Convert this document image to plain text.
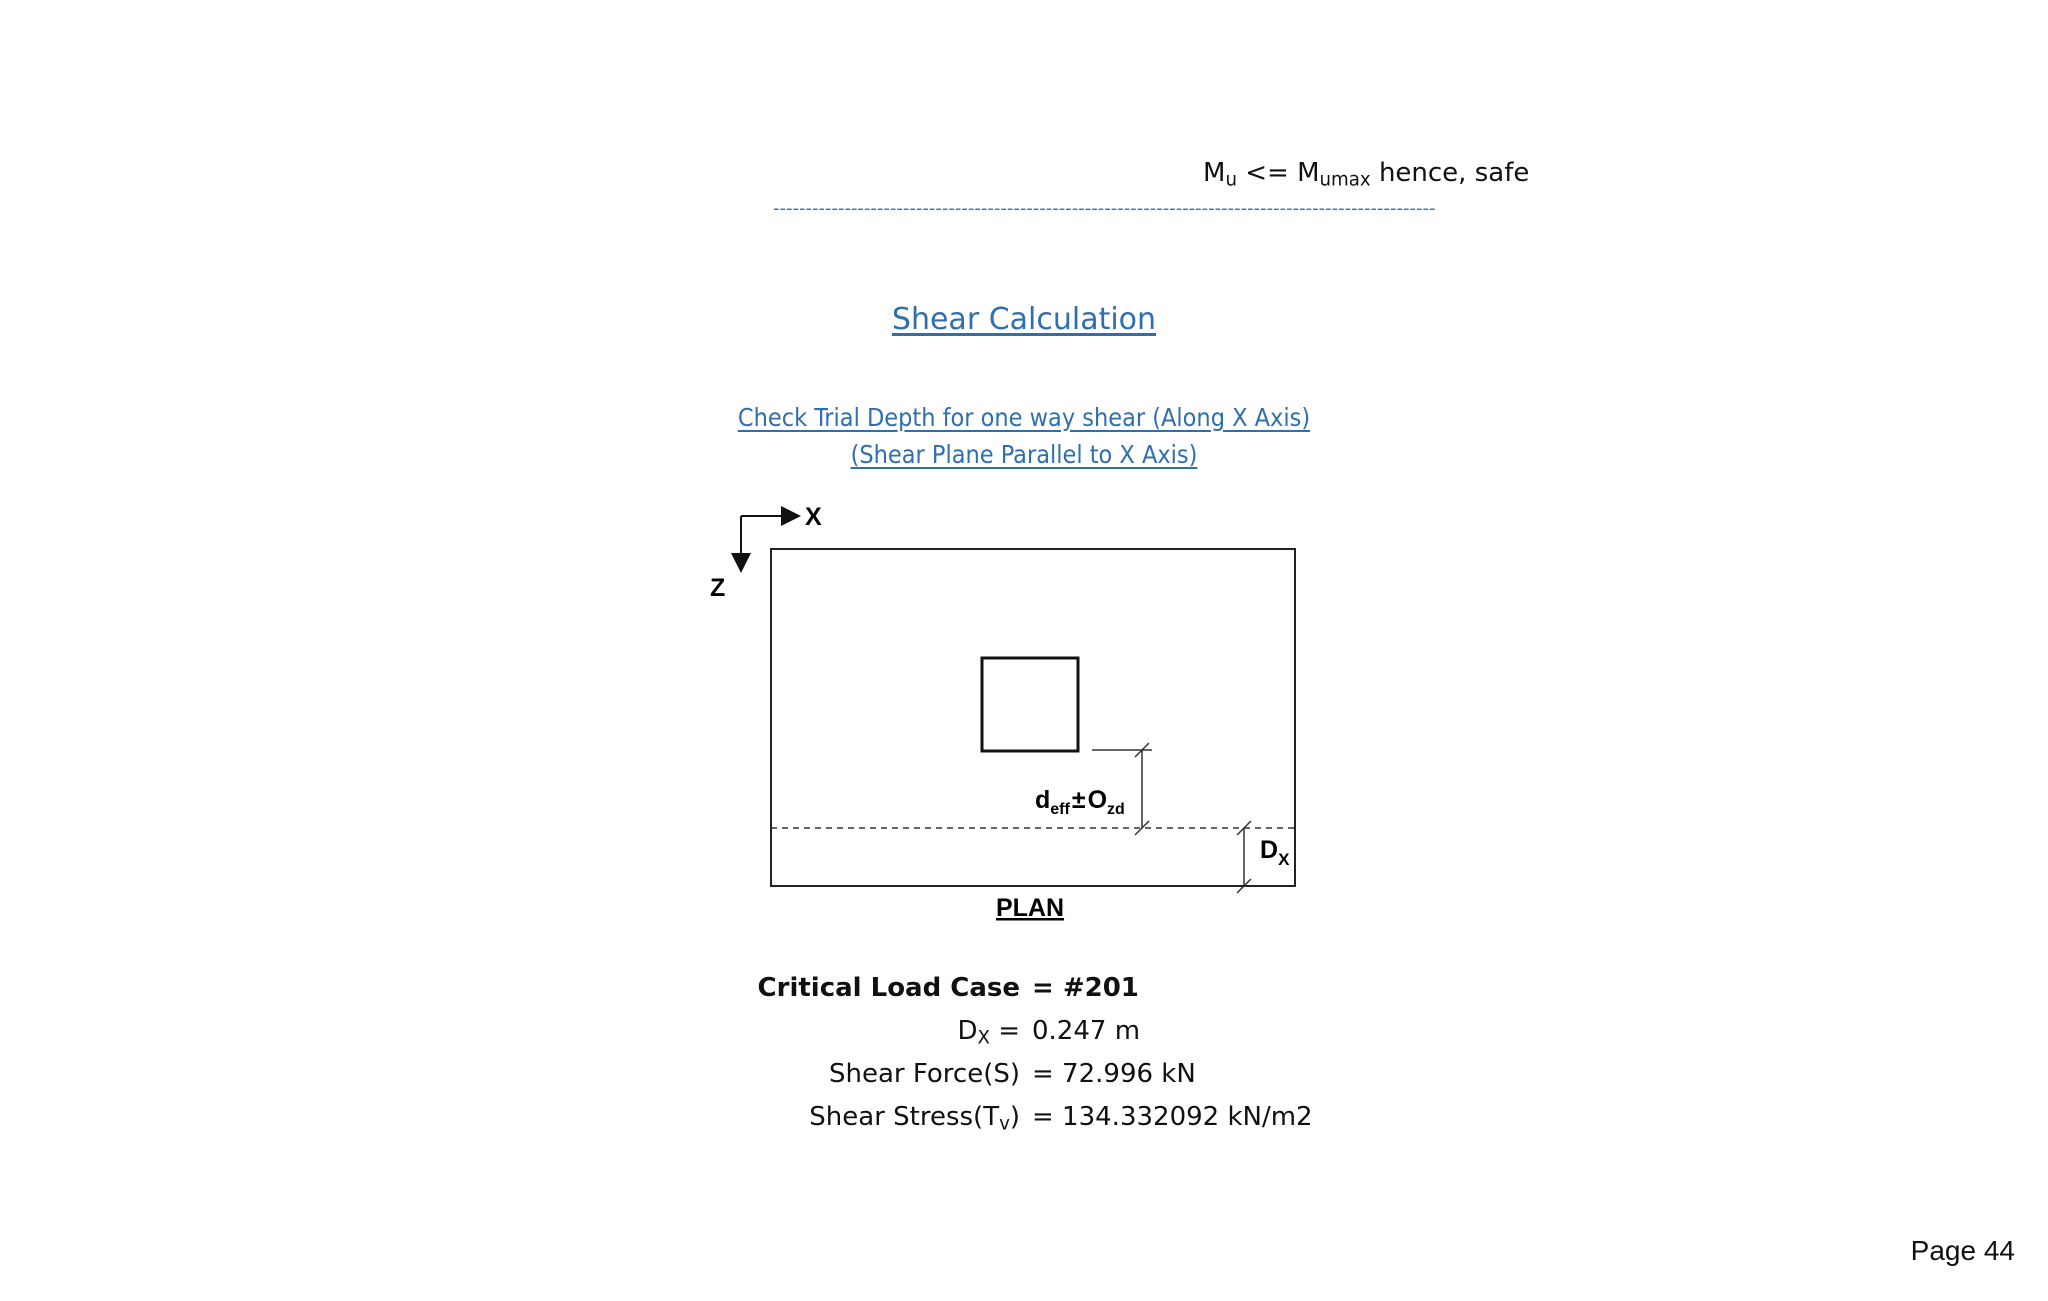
$M_u <= M_{umax}$ hence, safe
------------------------------------------------------------------------------------------------------
Shear Calculation
Check Trial Depth for one way shear (Along X Axis)
(Shear Plane Parallel to X Axis)
X
Z
$d_{eff}\pm O_{zd}$
$D_X$
PLAN
Critical Load Case = #201
$D_X = 0.247$ m
Shear Force(S) = 72.996 kN
Shear $Stress(T_v) = 134.332092$ kN/m2
Page 44
